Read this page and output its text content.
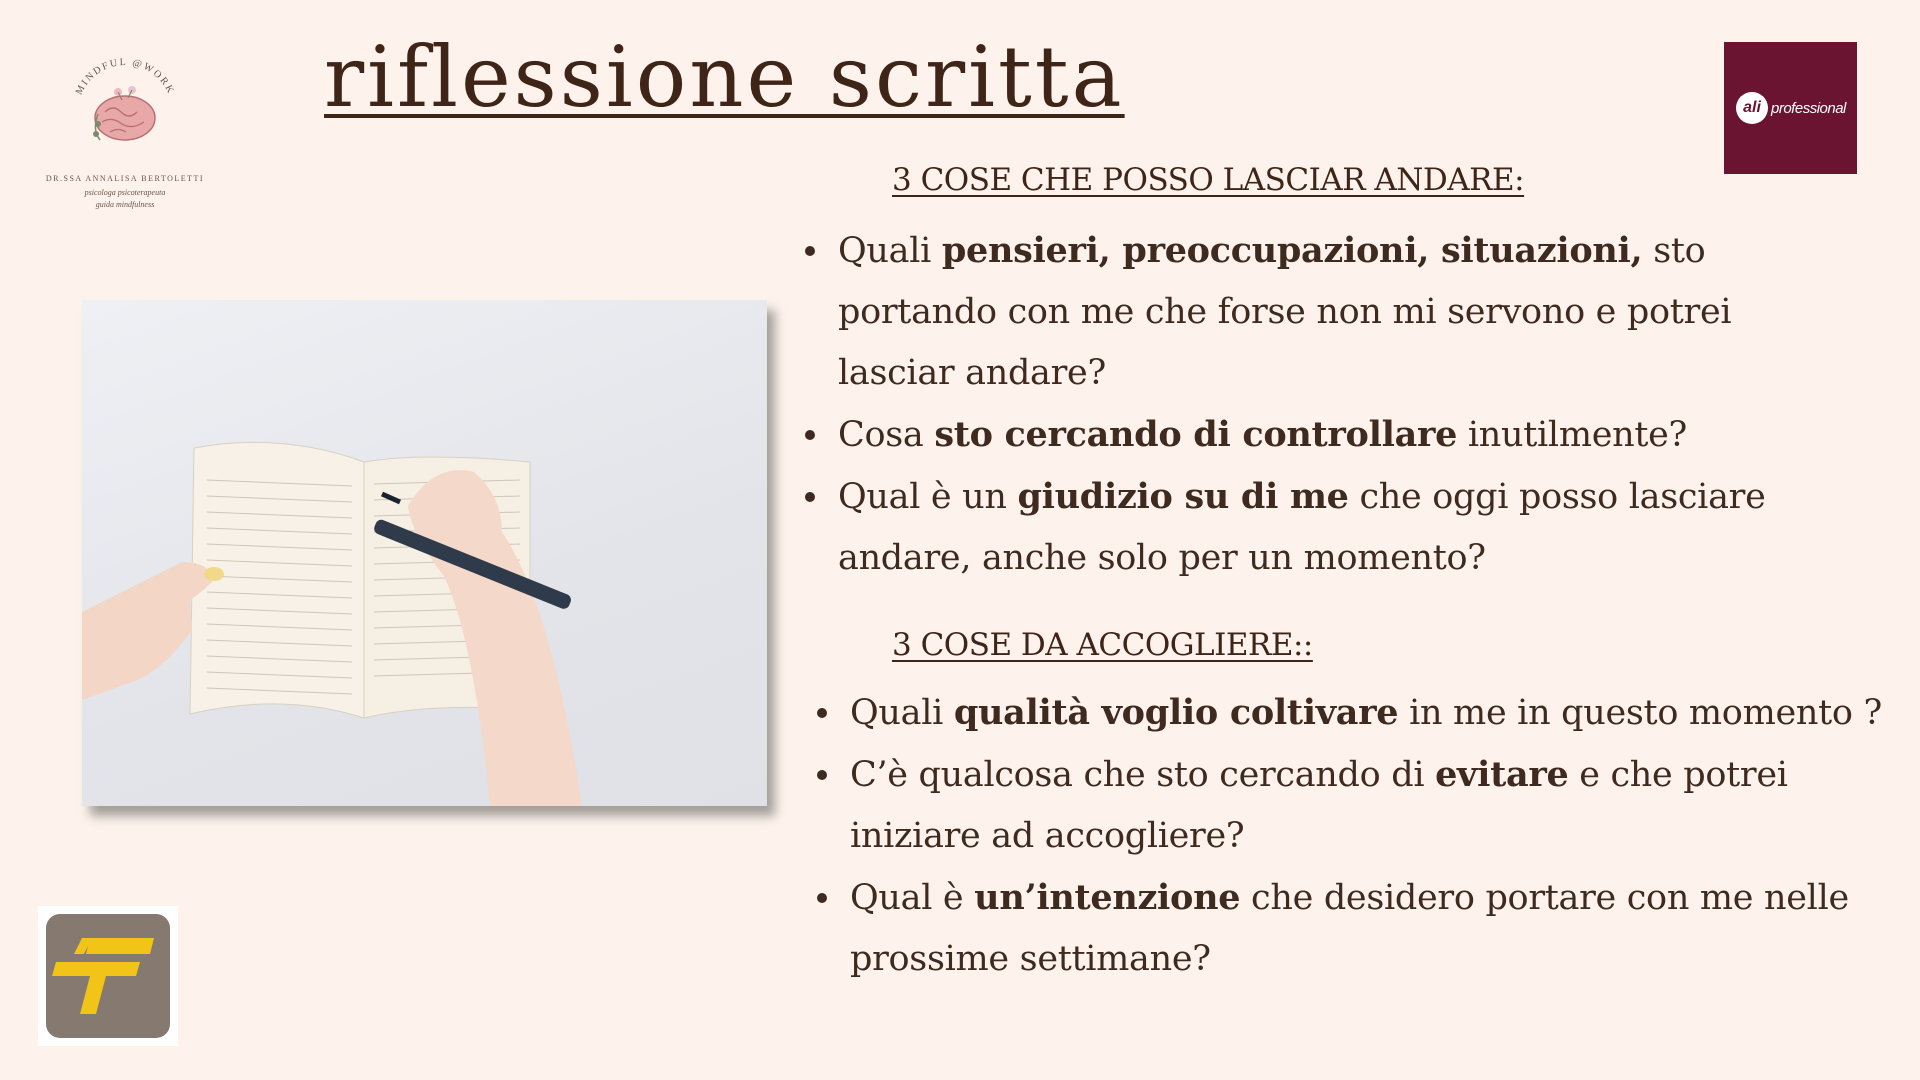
MINDFUL @WORK
DR.SSA ANNALISA BERTOLETTI
psicologa psicoterapeuta
guida mindfulness
riflessione scritta	ali professional
3 COSE CHE POSSO LASCIAR ANDARE:
Quali pensieri, preoccupazioni, situazioni, sto portando con me che forse non mi servono e potrei lasciar andare?
Cosa sto cercando di controllare inutilmente?
Qual è un giudizio su di me che oggi posso lasciare andare, anche solo per un momento?
3 COSE DA ACCOGLIERE::
Quali qualità voglio coltivare in me in questo momento ?
C’è qualcosa che sto cercando di evitare e che potrei iniziare ad accogliere?
Qual è un’intenzione che desidero portare con me nelle prossime settimane?
